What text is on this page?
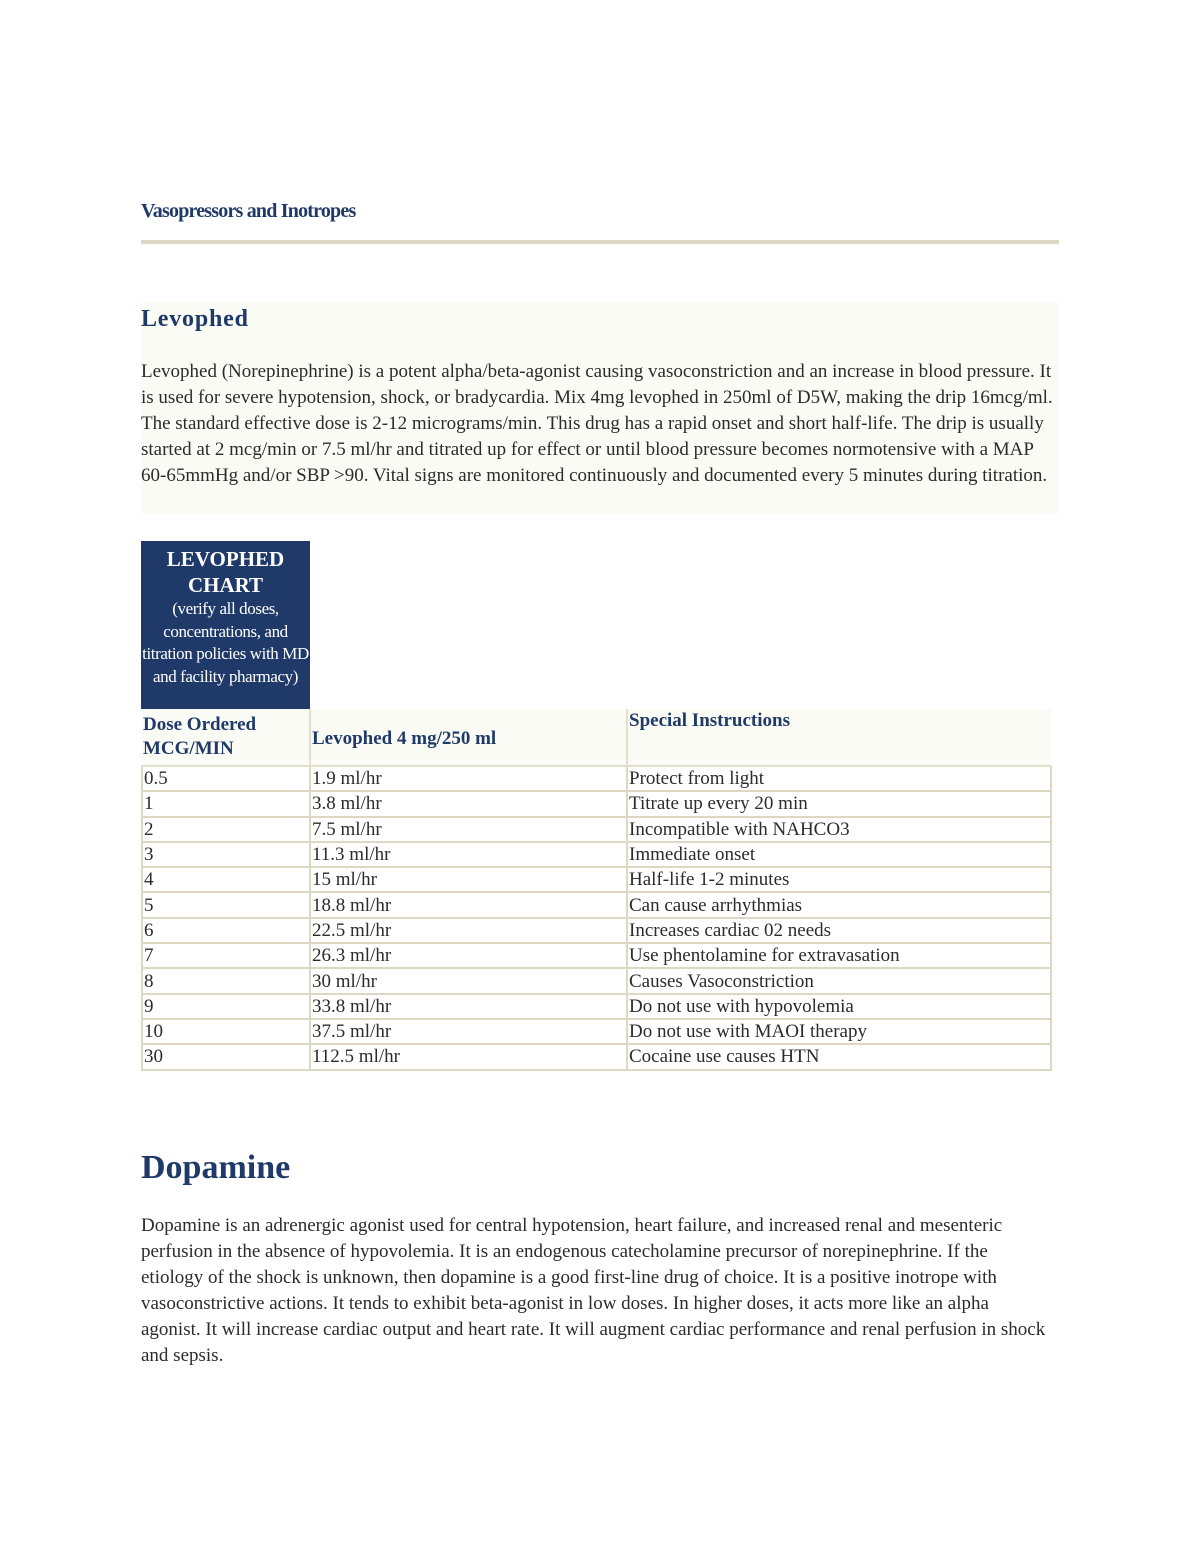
Vasopressors and Inotropes
Levophed

Levophed (Norepinephrine) is a potent alpha/beta-agonist causing vasoconstriction and an increase in blood pressure. It is used for severe hypotension, shock, or bradycardia. Mix 4mg levophed in 250ml of D5W, making the drip 16mcg/ml. The standard effective dose is 2-12 micrograms/min. This drug has a rapid onset and short half-life. The drip is usually started at 2 mcg/min or 7.5 ml/hr and titrated up for effect or until blood pressure becomes normotensive with a MAP 60-65mmHg and/or SBP >90. Vital signs are monitored continuously and documented every 5 minutes during titration.

LEVOPHED CHART
(verify all doses, concentrations, and titration policies with MD and facility pharmacy)
Dose Ordered MCG/MIN	Levophed 4 mg/250 ml	Special Instructions
0.5	1.9 ml/hr	Protect from light
1	3.8 ml/hr	Titrate up every 20 min
2	7.5 ml/hr	Incompatible with NAHCO3
3	11.3 ml/hr	Immediate onset
4	15 ml/hr	Half-life 1-2 minutes
5	18.8 ml/hr	Can cause arrhythmias
6	22.5 ml/hr	Increases cardiac 02 needs
7	26.3 ml/hr	Use phentolamine for extravasation
8	30 ml/hr	Causes Vasoconstriction
9	33.8 ml/hr	Do not use with hypovolemia
10	37.5 ml/hr	Do not use with MAOI therapy
30	112.5 ml/hr	Cocaine use causes HTN
Dopamine

Dopamine is an adrenergic agonist used for central hypotension, heart failure, and increased renal and mesenteric perfusion in the absence of hypovolemia. It is an endogenous catecholamine precursor of norepinephrine. If the etiology of the shock is unknown, then dopamine is a good first-line drug of choice. It is a positive inotrope with vasoconstrictive actions. It tends to exhibit beta-agonist in low doses. In higher doses, it acts more like an alpha agonist. It will increase cardiac output and heart rate. It will augment cardiac performance and renal perfusion in shock and sepsis.
